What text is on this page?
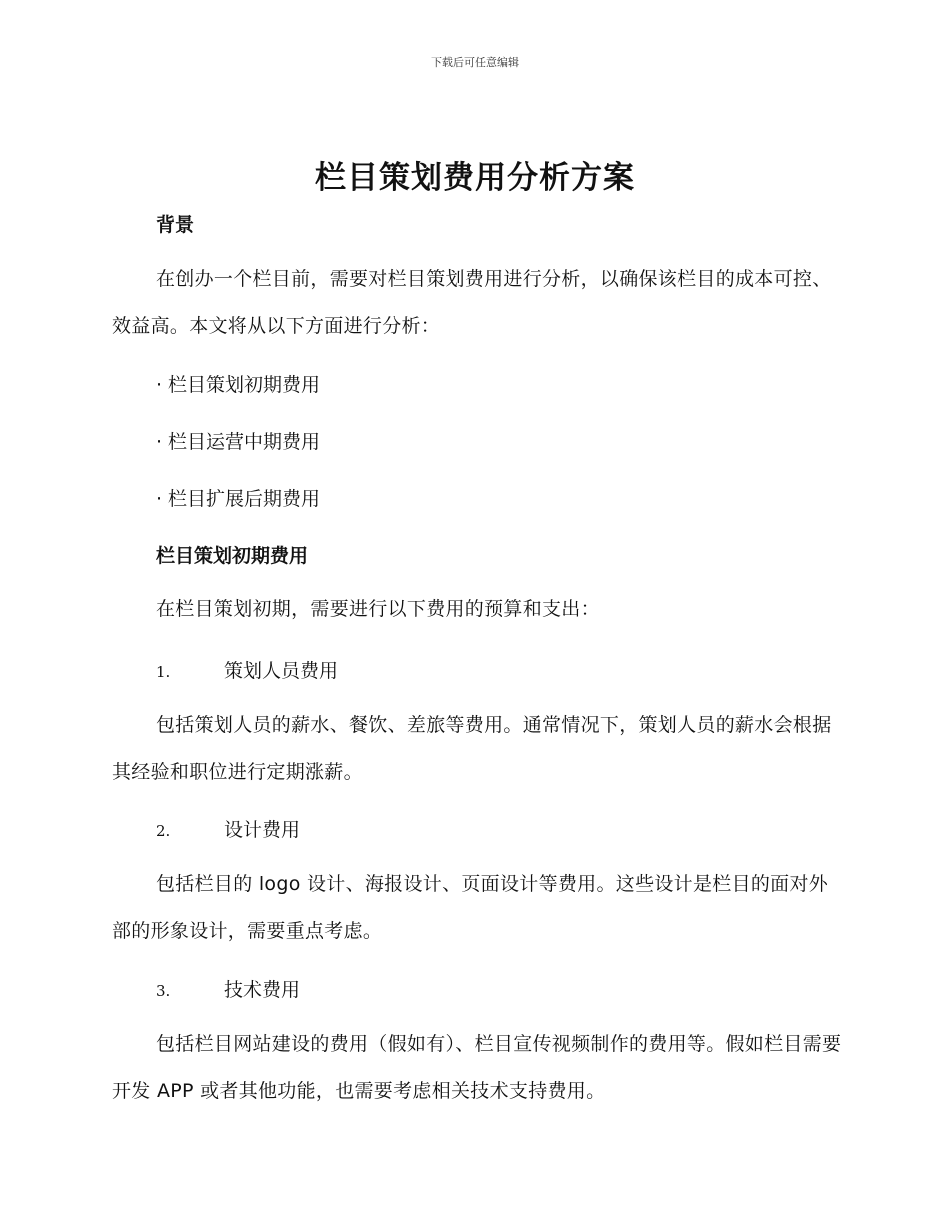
下载后可任意编辑
栏目策划费用分析方案
背景

在创办一个栏目前，需要对栏目策划费用进行分析，以确保该栏目的成本可控、效益高。本文将从以下方面进行分析：

· 栏目策划初期费用

· 栏目运营中期费用

· 栏目扩展后期费用

栏目策划初期费用

在栏目策划初期，需要进行以下费用的预算和支出：

1.	策划人员费用

包括策划人员的薪水、餐饮、差旅等费用。通常情况下，策划人员的薪水会根据其经验和职位进行定期涨薪。

2.	设计费用

包括栏目的 logo 设计、海报设计、页面设计等费用。这些设计是栏目的面对外部的形象设计，需要重点考虑。

3.	技术费用

包括栏目网站建设的费用（假如有）、栏目宣传视频制作的费用等。假如栏目需要开发 APP 或者其他功能，也需要考虑相关技术支持费用。
